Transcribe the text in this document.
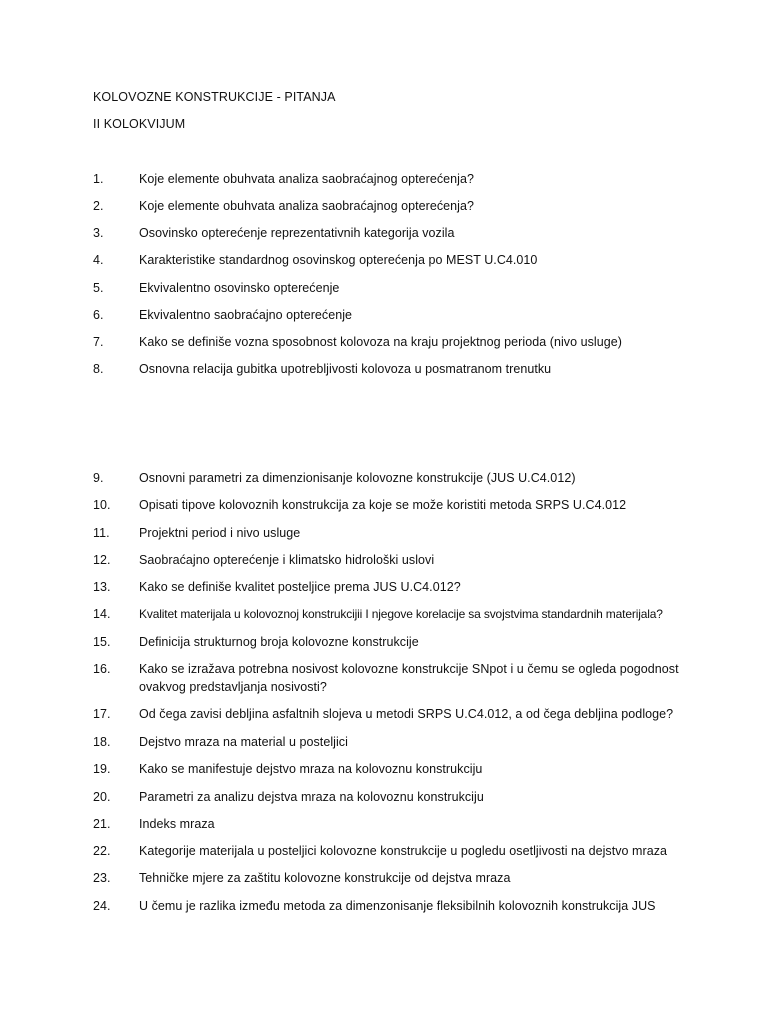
KOLOVOZNE KONSTRUKCIJE - PITANJA
II KOLOKVIJUM
1.	Koje elemente obuhvata analiza saobraćajnog opterećenja?
2.	Koje elemente obuhvata analiza saobraćajnog opterećenja?
3.	Osovinsko opterećenje reprezentativnih kategorija vozila
4.	Karakteristike standardnog osovinskog opterećenja po MEST U.C4.010
5.	Ekvivalentno osovinsko opterećenje
6.	Ekvivalentno saobraćajno opterećenje
7.	Kako se definiše vozna sposobnost kolovoza na kraju projektnog perioda (nivo usluge)
8.	Osnovna relacija gubitka upotrebljivosti kolovoza u posmatranom trenutku
9.	Osnovni parametri za dimenzionisanje kolovozne konstrukcije (JUS U.C4.012)
10.	Opisati tipove kolovoznih konstrukcija za koje se može koristiti metoda SRPS U.C4.012
11.	Projektni period i nivo usluge
12.	Saobraćajno opterećenje i klimatsko hidrološki uslovi
13.	Kako se definiše kvalitet posteljice prema JUS U.C4.012?
14.	Kvalitet materijala u kolovoznoj konstrukcijii I njegove korelacije sa svojstvima standardnih materijala?
15.	Definicija strukturnog broja kolovozne konstrukcije
16.	Kako se izražava potrebna nosivost kolovozne konstrukcije SNpot i u čemu se ogleda pogodnost ovakvog predstavljanja nosivosti?
17.	Od čega zavisi debljina asfaltnih slojeva u metodi SRPS U.C4.012, a od čega debljina podloge?
18.	Dejstvo mraza na material u posteljici
19.	Kako se manifestuje dejstvo mraza na kolovoznu konstrukciju
20.	Parametri za analizu dejstva mraza na kolovoznu konstrukciju
21.	Indeks mraza
22.	Kategorije materijala u posteljici kolovozne konstrukcije u pogledu osetljivosti na dejstvo mraza
23.	Tehničke mjere za zaštitu kolovozne konstrukcije od dejstva mraza
24.	U čemu je razlika između metoda za dimenzonisanje fleksibilnih kolovoznih konstrukcija JUS
